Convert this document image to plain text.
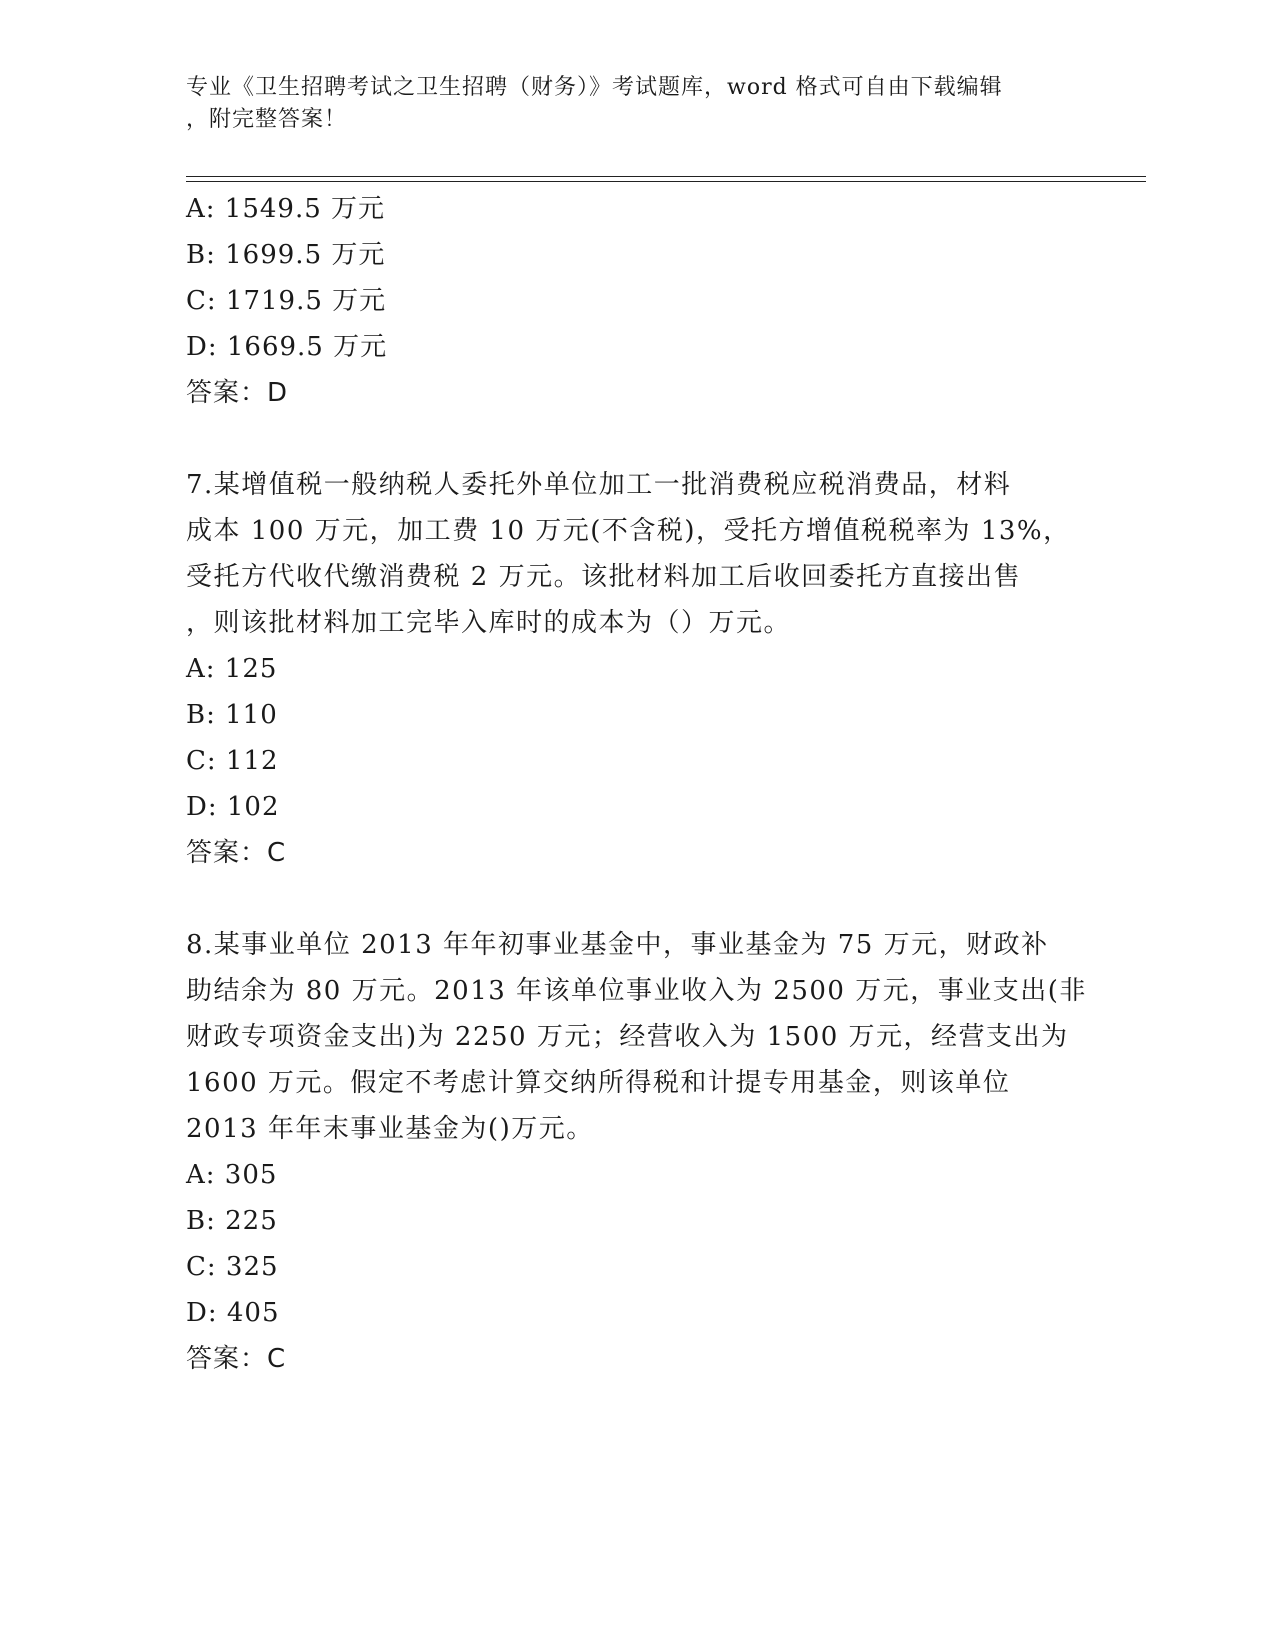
专业《卫生招聘考试之卫生招聘（财务）》考试题库，word 格式可自由下载编辑
，附完整答案！
A: 1549.5 万元
B: 1699.5 万元
C: 1719.5 万元
D: 1669.5 万元
答案：D
7.某增值税一般纳税人委托外单位加工一批消费税应税消费品，材料
成本 100 万元，加工费 10 万元(不含税)，受托方增值税税率为 13%，
受托方代收代缴消费税 2 万元。该批材料加工后收回委托方直接出售
，则该批材料加工完毕入库时的成本为（）万元。
A: 125
B: 110
C: 112
D: 102
答案：C
8.某事业单位 2013 年年初事业基金中，事业基金为 75 万元，财政补
助结余为 80 万元。2013 年该单位事业收入为 2500 万元，事业支出(非
财政专项资金支出)为 2250 万元；经营收入为 1500 万元，经营支出为
1600 万元。假定不考虑计算交纳所得税和计提专用基金，则该单位
2013 年年末事业基金为()万元。
A: 305
B: 225
C: 325
D: 405
答案：C
